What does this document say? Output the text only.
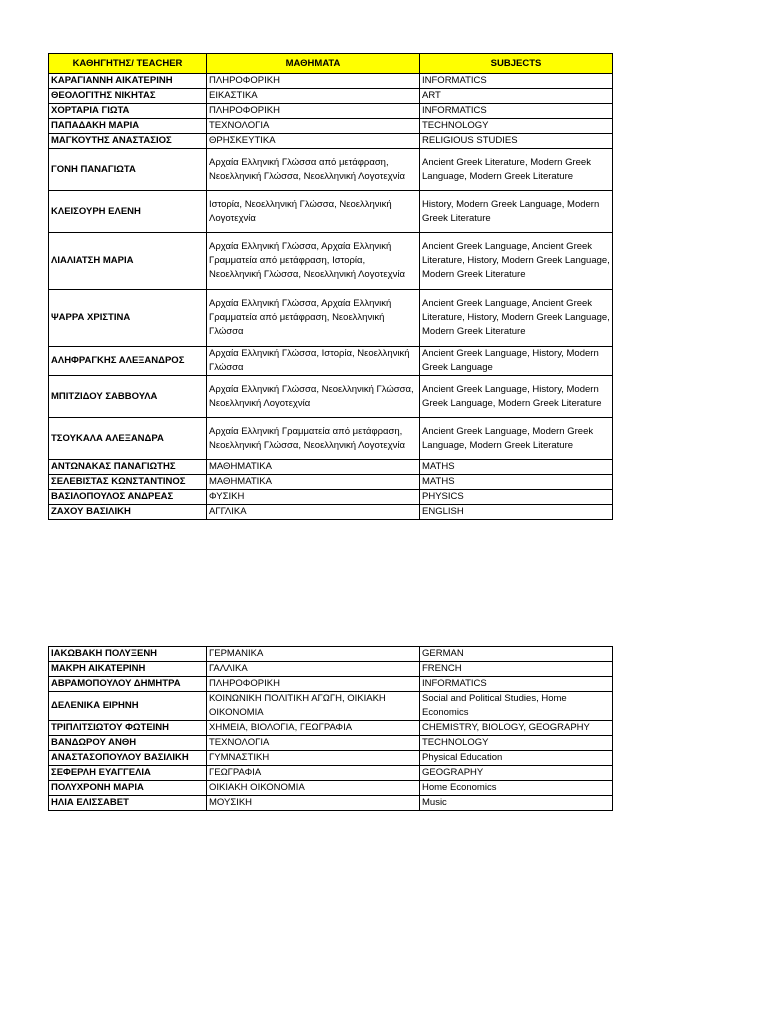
ΚΑΘΗΓΗΤΗΣ/ TEACHER	ΜΑΘΗΜΑΤΑ	SUBJECTS
ΚΑΡΑΓΙΑΝΝΗ ΑΙΚΑΤΕΡΙΝΗ	ΠΛΗΡΟΦΟΡΙΚΗ	INFORMATICS
ΘΕΟΛΟΓΙΤΗΣ ΝΙΚΗΤΑΣ	ΕΙΚΑΣΤΙΚΑ	ART
ΧΟΡΤΑΡΙΑ ΓΙΩΤΑ	ΠΛΗΡΟΦΟΡΙΚΗ	INFORMATICS
ΠΑΠΑΔΑΚΗ ΜΑΡΙΑ	ΤΕΧΝΟΛΟΓΙΑ	TECHNOLOGY
ΜΑΓΚΟΥΤΗΣ ΑΝΑΣΤΑΣΙΟΣ	ΘΡΗΣΚΕΥΤΙΚΑ	RELIGIOUS STUDIES
ΓΟΝΗ ΠΑΝΑΓΙΩΤΑ	Αρχαία Ελληνική Γλώσσα από μετάφραση, Νεοελληνική Γλώσσα, Νεοελληνική Λογοτεχνία	Ancient Greek Literature, Modern Greek Language, Modern Greek Literature
ΚΛΕΙΣΟΥΡΗ ΕΛΕΝΗ	Ιστορία, Νεοελληνική Γλώσσα, Νεοελληνική Λογοτεχνία	History, Modern Greek Language, Modern Greek Literature
ΛΙΑΛΙΑΤΣΗ ΜΑΡΙΑ	Αρχαία Ελληνική Γλώσσα, Αρχαία Ελληνική Γραμματεία από μετάφραση, Ιστορία, Νεοελληνική Γλώσσα, Νεοελληνική Λογοτεχνία	Ancient Greek Language, Ancient Greek Literature, History, Modern Greek Language, Modern Greek Literature
ΨΑΡΡΑ ΧΡΙΣΤΙΝΑ	Αρχαία Ελληνική Γλώσσα, Αρχαία Ελληνική Γραμματεία από μετάφραση, Νεοελληνική Γλώσσα	Ancient Greek Language, Ancient Greek Literature, History, Modern Greek Language, Modern Greek Literature
ΑΛΗΦΡΑΓΚΗΣ ΑΛΕΞΑΝΔΡΟΣ	Αρχαία Ελληνική Γλώσσα, Ιστορία, Νεοελληνική Γλώσσα	Ancient Greek Language, History, Modern Greek Language
ΜΠΙΤΖΙΔΟΥ ΣΑΒΒΟΥΛΑ	Αρχαία Ελληνική Γλώσσα, Νεοελληνική Γλώσσα, Νεοελληνική Λογοτεχνία	Ancient Greek Language, History, Modern Greek Language, Modern Greek Literature
ΤΣΟΥΚΑΛΑ ΑΛΕΞΑΝΔΡΑ	Αρχαία Ελληνική Γραμματεία από μετάφραση, Νεοελληνική Γλώσσα, Νεοελληνική Λογοτεχνία	Ancient Greek Language, Modern Greek Language, Modern Greek Literature
ΑΝΤΩΝΑΚΑΣ ΠΑΝΑΓΙΩΤΗΣ	ΜΑΘΗΜΑΤΙΚΑ	MATHS
ΣΕΛΕΒΙΣΤΑΣ ΚΩΝΣΤΑΝΤΙΝΟΣ	ΜΑΘΗΜΑΤΙΚΑ	MATHS
ΒΑΣΙΛΟΠΟΥΛΟΣ ΑΝΔΡΕΑΣ	ΦΥΣΙΚΗ	PHYSICS
ΖΑΧΟΥ ΒΑΣΙΛΙΚΗ	ΑΓΓΛΙΚΑ	ENGLISH
ΙΑΚΩΒΑΚΗ ΠΟΛΥΞΕΝΗ	ΓΕΡΜΑΝΙΚΑ	GERMAN
ΜΑΚΡΗ ΑΙΚΑΤΕΡΙΝΗ	ΓΑΛΛΙΚΑ	FRENCH
ΑΒΡΑΜΟΠΟΥΛΟΥ ΔΗΜΗΤΡΑ	ΠΛΗΡΟΦΟΡΙΚΗ	INFORMATICS
ΔΕΛΕΝΙΚΑ ΕΙΡΗΝΗ	ΚΟΙΝΩΝΙΚΗ ΠΟΛΙΤΙΚΗ ΑΓΩΓΗ, ΟΙΚΙΑΚΗ ΟΙΚΟΝΟΜΙΑ	Social and Political Studies, Home Economics
ΤΡΙΠΛΙΤΣΙΩΤΟΥ ΦΩΤΕΙΝΗ	ΧΗΜΕΙΑ, ΒΙΟΛΟΓΙΑ, ΓΕΩΓΡΑΦΙΑ	CHEMISTRY, BIOLOGY, GEOGRAPHY
ΒΑΝΔΩΡΟΥ ΑΝΘΗ	ΤΕΧΝΟΛΟΓΙΑ	TECHNOLOGY
ΑΝΑΣΤΑΣΟΠΟΥΛΟΥ ΒΑΣΙΛΙΚΗ	ΓΥΜΝΑΣΤΙΚΗ	Physical Education
ΣΕΦΕΡΛΗ ΕΥΑΓΓΕΛΙΑ	ΓΕΩΓΡΑΦΙΑ	GEOGRAPHY
ΠΟΛΥΧΡΟΝΗ ΜΑΡΙΑ	ΟΙΚΙΑΚΗ ΟΙΚΟΝΟΜΙΑ	Home Economics
ΗΛΙΑ ΕΛΙΣΣΑΒΕΤ	ΜΟΥΣΙΚΗ	Music
